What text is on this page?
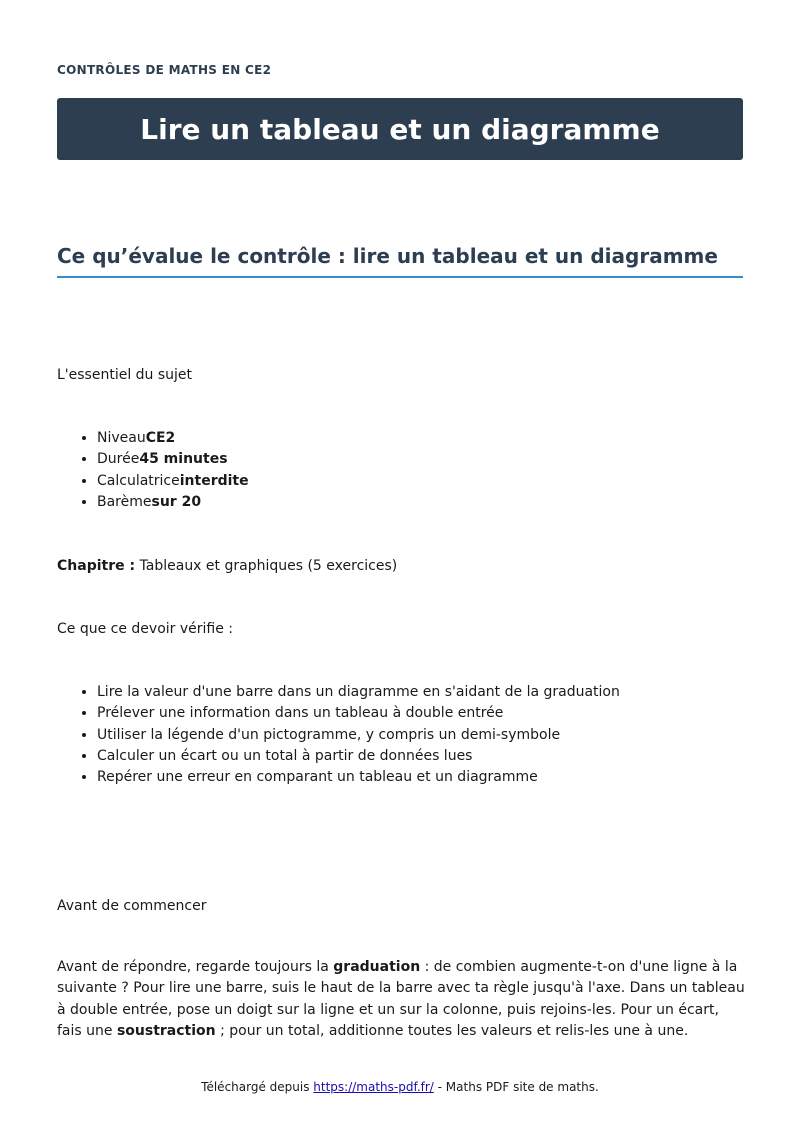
CONTRÔLES DE MATHS EN CE2
Lire un tableau et un diagramme
Ce qu’évalue le contrôle : lire un tableau et un diagramme

L'essentiel du sujet

• NiveauCE2
• Durée45 minutes
• Calculatriceinterdite
• Barèmesur 20

Chapitre : Tableaux et graphiques (5 exercices)

Ce que ce devoir vérifie :

• Lire la valeur d'une barre dans un diagramme en s'aidant de la graduation
• Prélever une information dans un tableau à double entrée
• Utiliser la légende d'un pictogramme, y compris un demi-symbole
• Calculer un écart ou un total à partir de données lues
• Repérer une erreur en comparant un tableau et un diagramme

Avant de commencer

Avant de répondre, regarde toujours la graduation : de combien augmente-t-on d'une ligne à la suivante ? Pour lire une barre, suis le haut de la barre avec ta règle jusqu'à l'axe. Dans un tableau à double entrée, pose un doigt sur la ligne et un sur la colonne, puis rejoins-les. Pour un écart, fais une soustraction ; pour un total, additionne toutes les valeurs et relis-les une à une.

Téléchargé depuis https://maths-pdf.fr/ - Maths PDF site de maths.
